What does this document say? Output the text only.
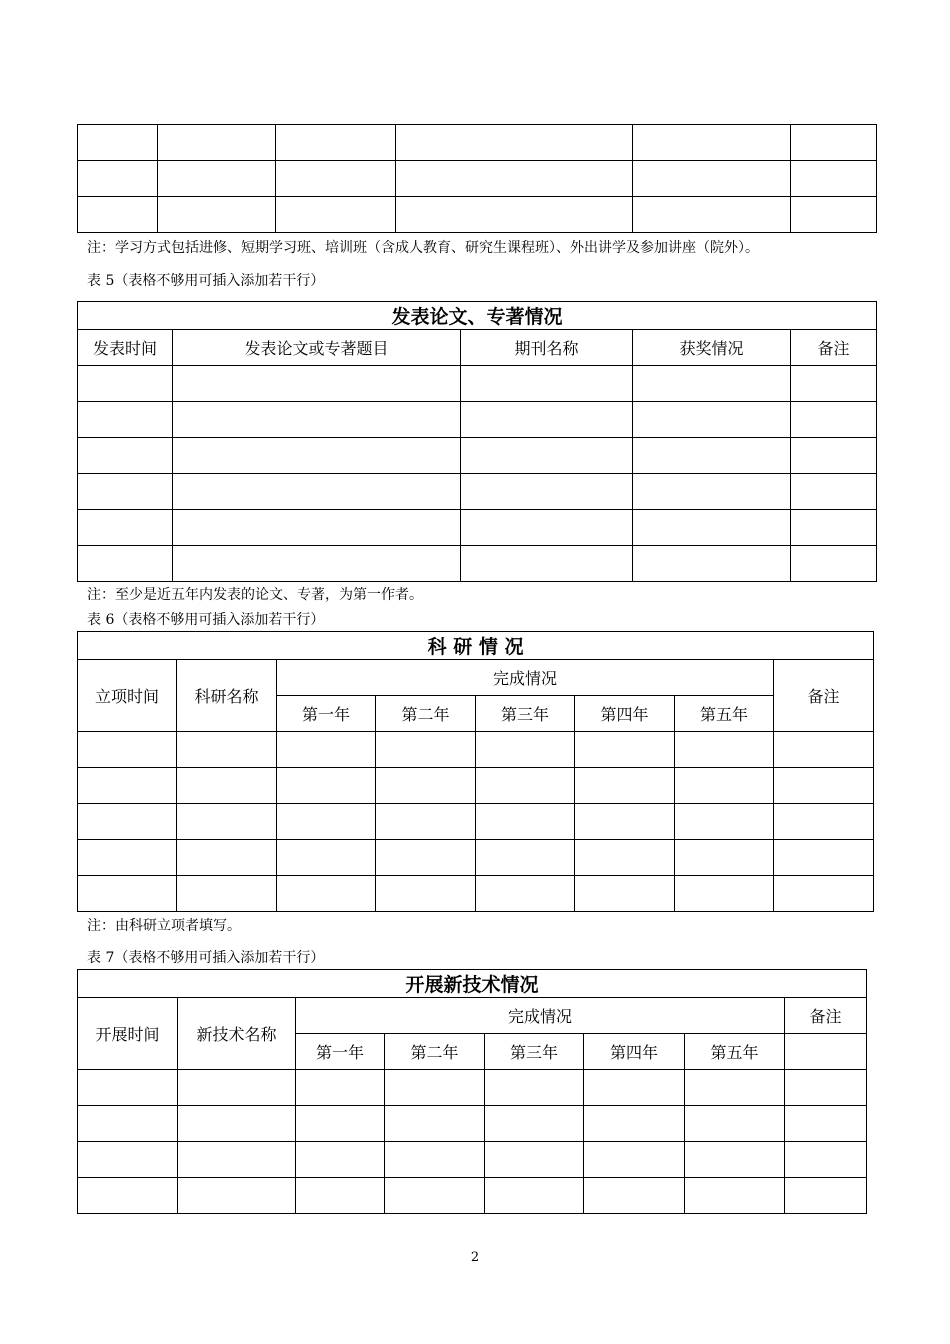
注：学习方式包括进修、短期学习班、培训班（含成人教育、研究生课程班）、外出讲学及参加讲座（院外）。
表 5（表格不够用可插入添加若干行）
发表论文、专著情况				
发表时间	发表论文或专著题目	期刊名称	获奖情况	备注

注：至少是近五年内发表的论文、专著，为第一作者。
表 6（表格不够用可插入添加若干行）
科 研 情 况							
立项时间	科研名称	完成情况					备注
		第一年	第二年	第三年	第四年	第五年	

注：由科研立项者填写。
表 7（表格不够用可插入添加若干行）
开展新技术情况							
开展时间	新技术名称	完成情况					备注
		第一年	第二年	第三年	第四年	第五年	

2
